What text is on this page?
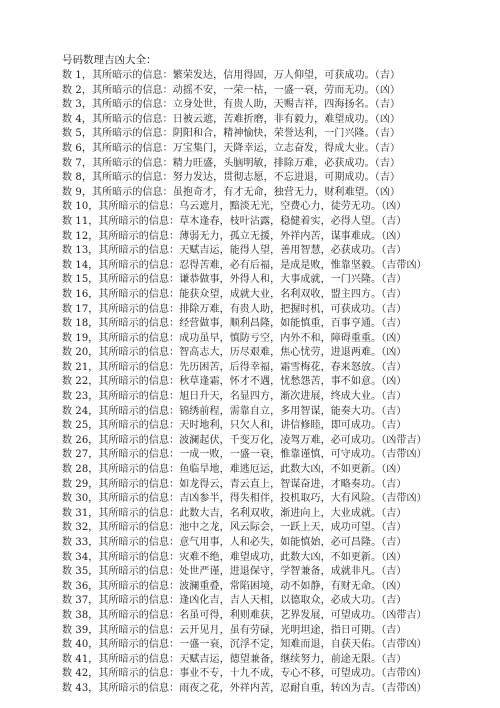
号码数理吉凶大全：
数 1，其所暗示的信息：繁荣发达，信用得固，万人仰望，可获成功。（吉）
数 2，其所暗示的信息：动摇不安，一荣一枯，一盛一衰，劳而无功。（凶）
数 3，其所暗示的信息：立身处世，有贵人助，天赐吉祥，四海扬名。（吉）
数 4，其所暗示的信息：日被云遮，苦难折磨，非有毅力，难望成功。（凶）
数 5，其所暗示的信息：阴阳和合，精神愉快，荣誉达利，一门兴隆。（吉）
数 6，其所暗示的信息：万宝集门，天降幸运，立志奋发，得成大业。（吉）
数 7，其所暗示的信息：精力旺盛，头脑明敏，排除万难，必获成功。（吉）
数 8，其所暗示的信息：努力发达，贯彻志愿，不忘进退，可期成功。（吉）
数 9，其所暗示的信息：虽抱奇才，有才无命，独营无力，财利难望。（凶）
数 10，其所暗示的信息：乌云遮月，黯淡无光，空费心力，徒劳无功。（凶）
数 11，其所暗示的信息：草木逢春，枝叶沾露，稳健着实，必得人望。（吉）
数 12，其所暗示的信息：薄弱无力，孤立无援，外祥内苦，谋事难成。（凶）
数 13，其所暗示的信息：天赋吉运，能得人望，善用智慧，必获成功。（吉）
数 14，其所暗示的信息：忍得苦难，必有后福，是成是败，惟靠坚毅。（吉带凶）
数 15，其所暗示的信息：谦恭做事，外得人和，大事成就，一门兴隆。（吉）
数 16，其所暗示的信息：能获众望，成就大业，名利双收，盟主四方。（吉）
数 17，其所暗示的信息：排除万难，有贵人助，把握时机，可获成功。（吉）
数 18，其所暗示的信息：经营做事，顺利昌隆，如能慎重，百事亨通。（吉）
数 19，其所暗示的信息：成功虽早，慎防亏空，内外不和，障碍重重。（凶）
数 20，其所暗示的信息：智高志大，历尽艰难，焦心忧劳，进退两难。（凶）
数 21，其所暗示的信息：先历困苦，后得幸福，霜雪梅花，春来怒放。（吉）
数 22，其所暗示的信息：秋草逢霜，怀才不遇，忧愁怨苦，事不如意。（凶）
数 23，其所暗示的信息：旭日升天，名显四方，渐次进展，终成大业。（吉）
数 24，其所暗示的信息：锦绣前程，需靠自立，多用智谋，能奏大功。（吉）
数 25，其所暗示的信息：天时地利，只欠人和，讲信修睦，即可成功。（吉）
数 26，其所暗示的信息：波澜起伏，千变万化，凌驾万难，必可成功。（凶带吉）
数 27，其所暗示的信息：一成一败，一盛一衰，惟靠谨慎，可守成功。（吉带凶）
数 28，其所暗示的信息：鱼临旱地，难逃厄运，此数大凶，不如更新。（凶）
数 29，其所暗示的信息：如龙得云，青云直上，智谋奋进，才略奏功。（吉）
数 30，其所暗示的信息：吉凶参半，得失相伴，投机取巧，大有风险。（吉带凶）
数 31，其所暗示的信息：此数大吉，名利双收，渐进向上，大业成就。（吉）
数 32，其所暗示的信息：池中之龙，风云际会，一跃上天，成功可望。（吉）
数 33，其所暗示的信息：意气用事，人和必失，如能慎始，必可昌隆。（吉）
数 34，其所暗示的信息：灾难不绝，难望成功，此数大凶，不如更新。（凶）
数 35，其所暗示的信息：处世严谨，进退保守，学智兼备，成就非凡。（吉）
数 36，其所暗示的信息：波澜重叠，常陷困境，动不如静，有财无命。（凶）
数 37，其所暗示的信息：逢凶化吉，吉人天相，以德取众，必成大功。（吉）
数 38，其所暗示的信息：名虽可得，利则难获，艺界发展，可望成功。（凶带吉）
数 39，其所暗示的信息：云开见月，虽有劳碌，光明坦途，指日可期。（吉）
数 40，其所暗示的信息：一盛一衰，沉浮不定，知难而退，自获天佑。（吉带凶）
数 41，其所暗示的信息：天赋吉运，德望兼备，继续努力，前途无限。（吉）
数 42，其所暗示的信息：事业不专，十九不成，专心不移，可望成功。（吉带凶）
数 43，其所暗示的信息：雨夜之花，外祥内苦，忍耐自重，转凶为吉。（吉带凶）
